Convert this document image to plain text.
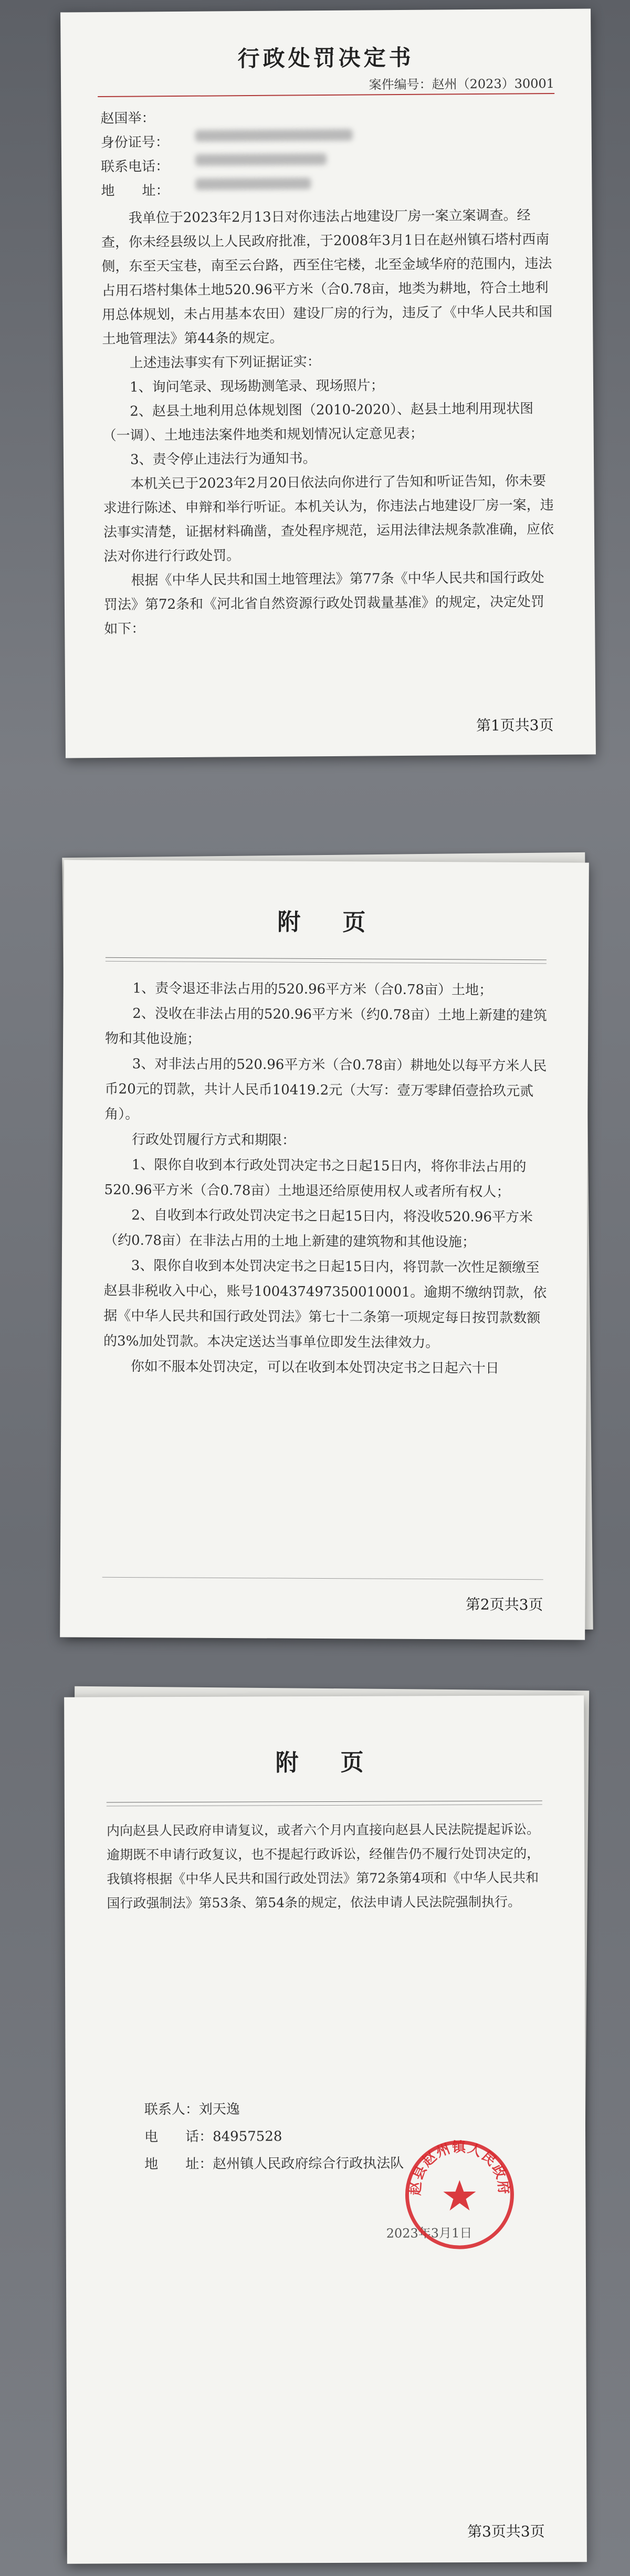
行政处罚决定书
案件编号：赵州（2023）30001
赵国举：
身份证号：
联系电话：
地　　址：

我单位于2023年2月13日对你违法占地建设厂房一案立案调查。经查，你未经县级以上人民政府批准，于2008年3月1日在赵州镇石塔村西南侧，东至天宝巷，南至云台路，西至住宅楼，北至金域华府的范围内，违法占用石塔村集体土地520.96平方米（合0.78亩，地类为耕地，符合土地利用总体规划，未占用基本农田）建设厂房的行为，违反了《中华人民共和国土地管理法》第44条的规定。

上述违法事实有下列证据证实：

1、询问笔录、现场勘测笔录、现场照片；

2、赵县土地利用总体规划图（2010-2020）、赵县土地利用现状图（一调）、土地违法案件地类和规划情况认定意见表；

3、责令停止违法行为通知书。

本机关已于2023年2月20日依法向你进行了告知和听证告知，你未要求进行陈述、申辩和举行听证。本机关认为，你违法占地建设厂房一案，违法事实清楚，证据材料确凿，查处程序规范，运用法律法规条款准确，应依法对你进行行政处罚。

根据《中华人民共和国土地管理法》第77条《中华人民共和国行政处罚法》第72条和《河北省自然资源行政处罚裁量基准》的规定，决定处罚如下：

第1页共3页
附　页

1、责令退还非法占用的520.96平方米（合0.78亩）土地；

2、没收在非法占用的520.96平方米（约0.78亩）土地上新建的建筑物和其他设施；

3、对非法占用的520.96平方米（合0.78亩）耕地处以每平方米人民币20元的罚款，共计人民币10419.2元（大写：壹万零肆佰壹拾玖元贰角）。

行政处罚履行方式和期限：

1、限你自收到本行政处罚决定书之日起15日内，将你非法占用的520.96平方米（合0.78亩）土地退还给原使用权人或者所有权人；

2、自收到本行政处罚决定书之日起15日内，将没收520.96平方米（约0.78亩）在非法占用的土地上新建的建筑物和其他设施；

3、限你自收到本处罚决定书之日起15日内，将罚款一次性足额缴至赵县非税收入中心，账号100437497350010001。逾期不缴纳罚款，依据《中华人民共和国行政处罚法》第七十二条第一项规定每日按罚款数额的3%加处罚款。本决定送达当事单位即发生法律效力。

你如不服本处罚决定，可以在收到本处罚决定书之日起六十日

第2页共3页
附　页

内向赵县人民政府申请复议，或者六个月内直接向赵县人民法院提起诉讼。逾期既不申请行政复议，也不提起行政诉讼，经催告仍不履行处罚决定的，我镇将根据《中华人民共和国行政处罚法》第72条第4项和《中华人民共和国行政强制法》第53条、第54条的规定，依法申请人民法院强制执行。

联系人：刘天逸
电　　话：84957528
地　　址：赵州镇人民政府综合行政执法队
2023年3月1日
赵县赵州镇人民政府
第3页共3页
